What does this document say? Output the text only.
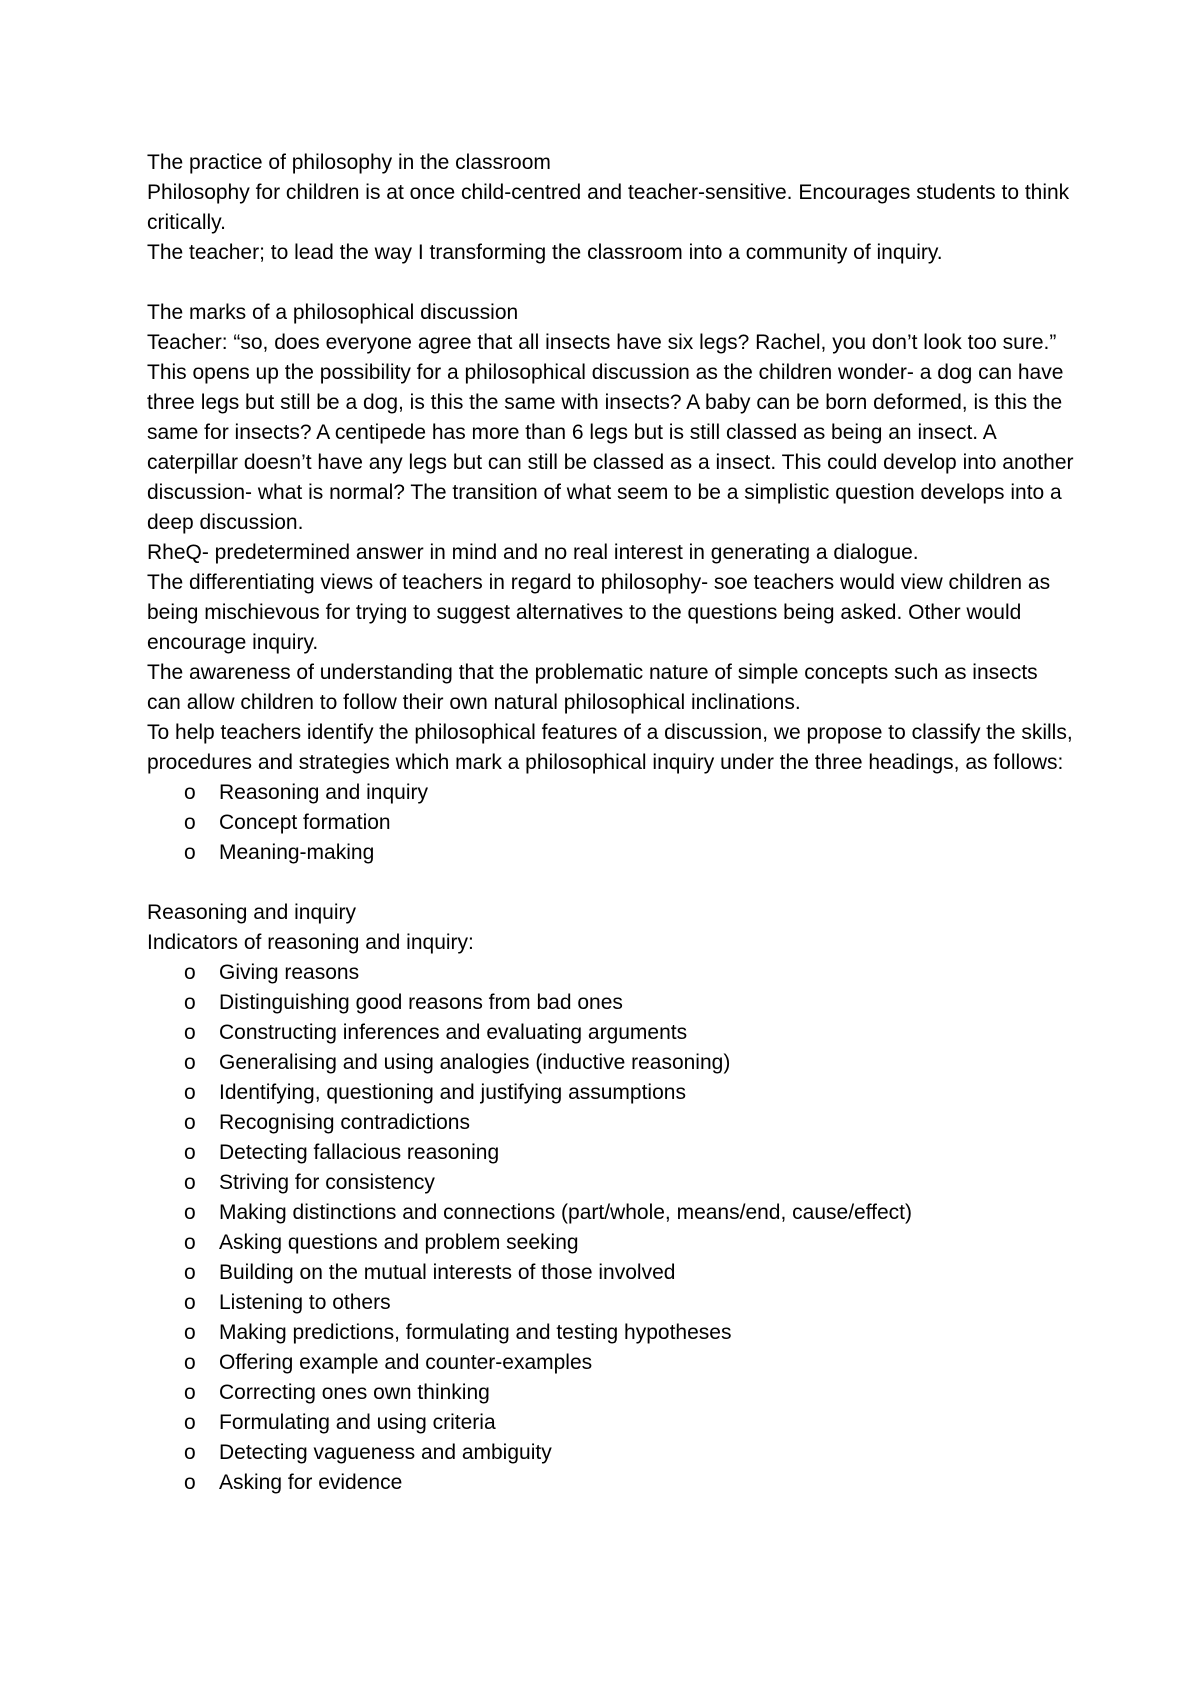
The practice of philosophy in the classroom

Philosophy for children is at once child-centred and teacher-sensitive. Encourages students to think critically.

The teacher; to lead the way I transforming the classroom into a community of inquiry.

The marks of a philosophical discussion

Teacher: “so, does everyone agree that all insects have six legs? Rachel, you don’t look too sure.” This opens up the possibility for a philosophical discussion as the children wonder- a dog can have three legs but still be a dog, is this the same with insects? A baby can be born deformed, is this the same for insects? A centipede has more than 6 legs but is still classed as being an insect. A caterpillar doesn’t have any legs but can still be classed as a insect. This could develop into another discussion- what is normal? The transition of what seem to be a simplistic question develops into a deep discussion.

RheQ- predetermined answer in mind and no real interest in generating a dialogue.

The differentiating views of teachers in regard to philosophy- soe teachers would view children as being mischievous for trying to suggest alternatives to the questions being asked. Other would encourage inquiry.

The awareness of understanding that the problematic nature of simple concepts such as insects can allow children to follow their own natural philosophical inclinations.

To help teachers identify the philosophical features of a discussion, we propose to classify the skills, procedures and strategies which mark a philosophical inquiry under the three headings, as follows:

o Reasoning and inquiry
o Concept formation
o Meaning-making

Reasoning and inquiry

Indicators of reasoning and inquiry:

o Giving reasons
o Distinguishing good reasons from bad ones
o Constructing inferences and evaluating arguments
o Generalising and using analogies (inductive reasoning)
o Identifying, questioning and justifying assumptions
o Recognising contradictions
o Detecting fallacious reasoning
o Striving for consistency
o Making distinctions and connections (part/whole, means/end, cause/effect)
o Asking questions and problem seeking
o Building on the mutual interests of those involved
o Listening to others
o Making predictions, formulating and testing hypotheses
o Offering example and counter-examples
o Correcting ones own thinking
o Formulating and using criteria
o Detecting vagueness and ambiguity
o Asking for evidence
